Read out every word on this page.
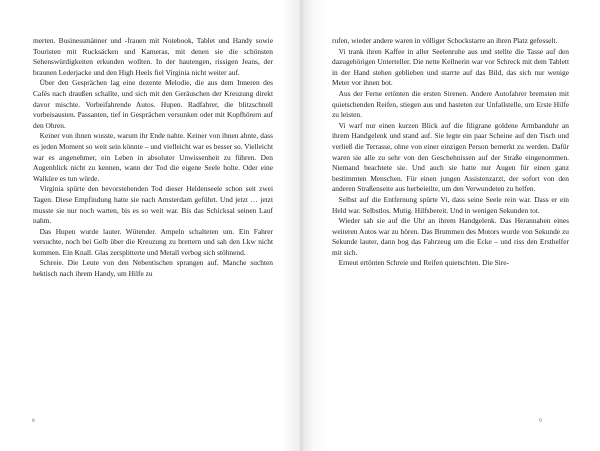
merten. Businessmänner und -frauen mit Notebook, Tablet und Handy sowie Touristen mit Rucksäcken und Kameras, mit denen sie die schönsten Sehenswürdigkeiten erkunden wollten. In der hautengen, rissigen Jeans, der braunen Lederjacke und den High Heels fiel Virginia nicht weiter auf.

Über den Gesprächen lag eine dezente Melodie, die aus dem Inneren des Cafés nach draußen schallte, und sich mit den Geräuschen der Kreuzung direkt davor mischte. Vorbeifahrende Autos. Hupen. Radfahrer, die blitzschnell vorbeisausten. Passanten, tief in Gesprächen versunken oder mit Kopfhörern auf den Ohren.

Keiner von ihnen wusste, warum ihr Ende nahte. Keiner von ihnen ahnte, dass es jeden Moment so weit sein könnte – und vielleicht war es besser so. Vielleicht war es angenehmer, ein Leben in absoluter Unwissenheit zu führen. Den Augenblick nicht zu kennen, wann der Tod die eigene Seele holte. Oder eine Walküre es tun würde.

Virginia spürte den bevorstehenden Tod dieser Heldenseele schon seit zwei Tagen. Diese Empfindung hatte sie nach Amsterdam geführt. Und jetzt … jetzt musste sie nur noch warten, bis es so weit war. Bis das Schicksal seinen Lauf nahm.

Das Hupen wurde lauter. Wütender. Ampeln schalteten um. Ein Fahrer versuchte, noch bei Gelb über die Kreuzung zu brettern und sah den Lkw nicht kommen. Ein Knall. Glas zersplitterte und Metall verbog sich stöhnend.

Schreie. Die Leute von den Nebentischen sprangen auf. Manche suchten hektisch nach ihrem Handy, um Hilfe zu

8

rufen, wieder andere waren in völliger Schockstarre an ihren Platz gefesselt.

Vi trank ihren Kaffee in aller Seelenruhe aus und stellte die Tasse auf den dazugehörigen Unterteller. Die nette Kellnerin war vor Schreck mit dem Tablett in der Hand stehen geblieben und starrte auf das Bild, das sich nur wenige Meter vor ihnen bot.

Aus der Ferne ertönten die ersten Sirenen. Andere Autofahrer bremsten mit quietschenden Reifen, stiegen aus und hasteten zur Unfallstelle, um Erste Hilfe zu leisten.

Vi warf nur einen kurzen Blick auf die filigrane goldene Armbanduhr an ihrem Handgelenk und stand auf. Sie legte ein paar Scheine auf den Tisch und verließ die Terrasse, ohne von einer einzigen Person bemerkt zu werden. Dafür waren sie alle zu sehr von den Geschehnissen auf der Straße eingenommen. Niemand beachtete sie. Und auch sie hatte nur Augen für einen ganz bestimmten Menschen. Für einen jungen Assistenzarzt, der sofort von den anderen Straßenseite aus herbeieilte, um den Verwundeten zu helfen.

Selbst auf die Entfernung spürte Vi, dass seine Seele rein war. Dass er ein Held war. Selbstlos. Mutig. Hilfsbereit. Und in wenigen Sekunden tot.

Wieder sah sie auf die Uhr an ihrem Handgelenk. Das Herannahen eines weiteren Autos war zu hören. Das Brummen des Motors wurde von Sekunde zu Sekunde lauter, dann bog das Fahrzeug um die Ecke – und riss den Ersthelfer mit sich.

Erneut ertönten Schreie und Reifen quietschten. Die Sire-

9
